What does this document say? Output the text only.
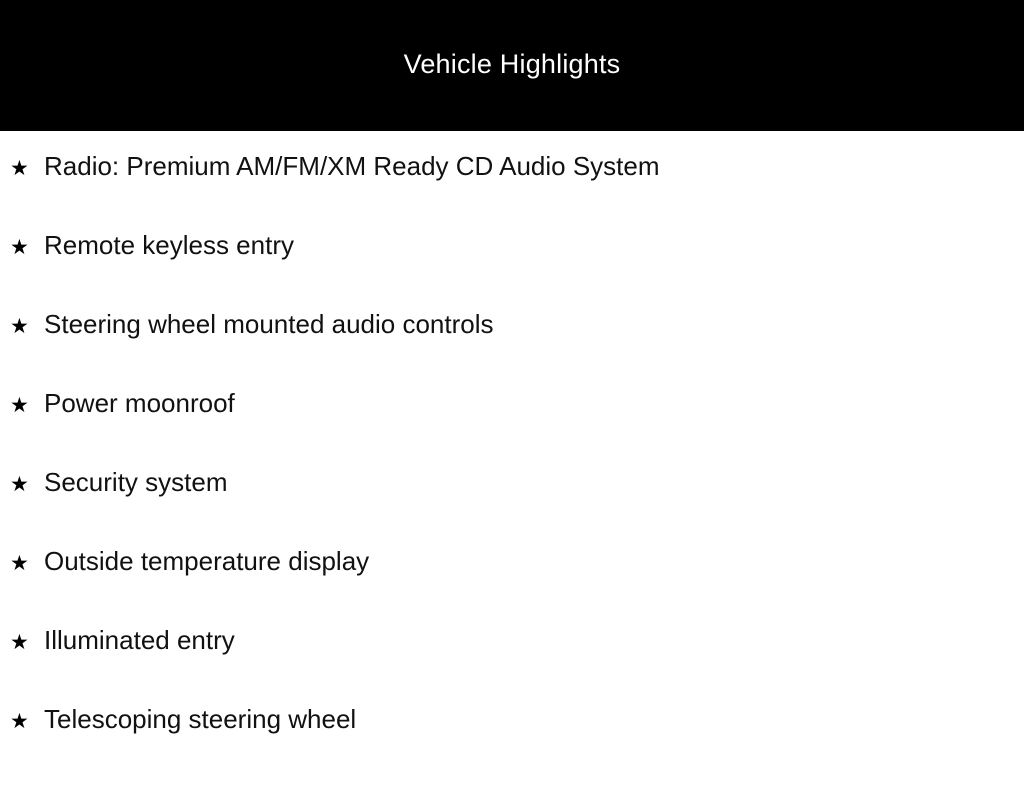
Vehicle Highlights
★ Radio: Premium AM/FM/XM Ready CD Audio System
★ Remote keyless entry
★ Steering wheel mounted audio controls
★ Power moonroof
★ Security system
★ Outside temperature display
★ Illuminated entry
★ Telescoping steering wheel
